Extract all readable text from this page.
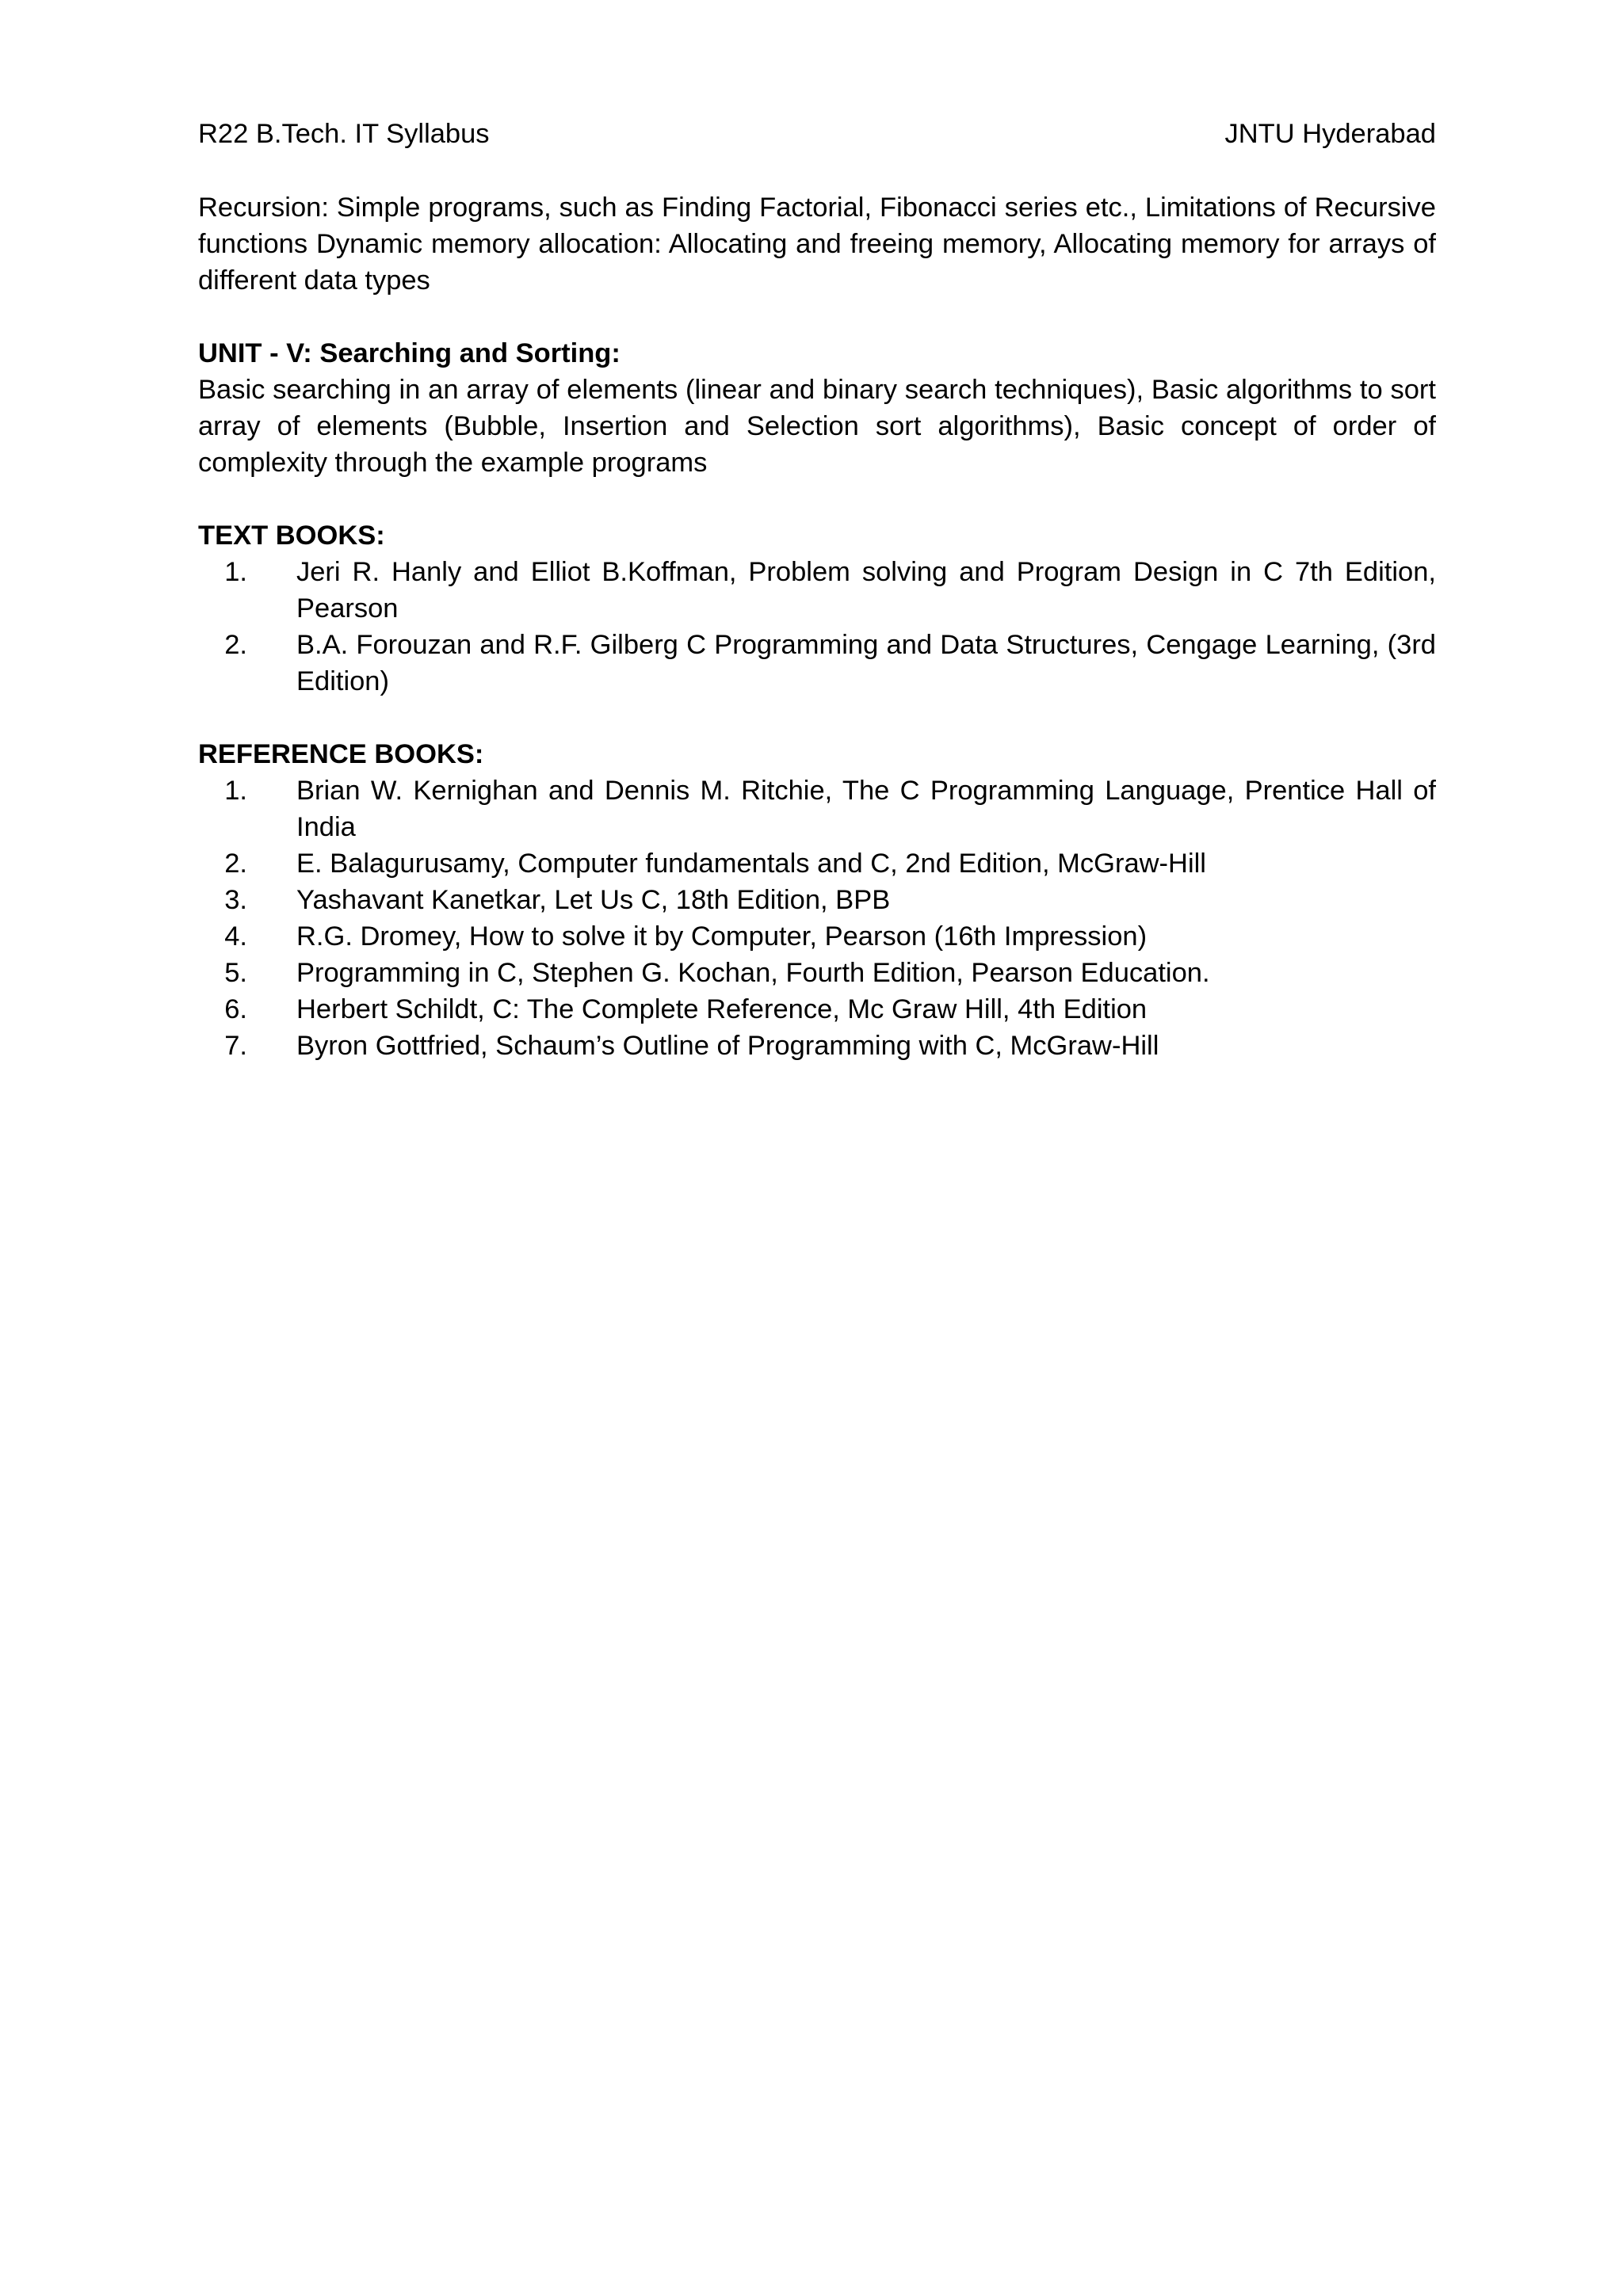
R22 B.Tech. IT Syllabus	JNTU Hyderabad

Recursion: Simple programs, such as Finding Factorial, Fibonacci series etc., Limitations of Recursive functions Dynamic memory allocation: Allocating and freeing memory, Allocating memory for arrays of different data types

UNIT - V: Searching and Sorting:

Basic searching in an array of elements (linear and binary search techniques), Basic algorithms to sort array of elements (Bubble, Insertion and Selection sort algorithms), Basic concept of order of complexity through the example programs

TEXT BOOKS:

1. Jeri R. Hanly and Elliot B.Koffman, Problem solving and Program Design in C 7th Edition, Pearson
2. B.A. Forouzan and R.F. Gilberg C Programming and Data Structures, Cengage Learning, (3rd Edition)

REFERENCE BOOKS:

1. Brian W. Kernighan and Dennis M. Ritchie, The C Programming Language, Prentice Hall of India
2. E. Balagurusamy, Computer fundamentals and C, 2nd Edition, McGraw-Hill
3. Yashavant Kanetkar, Let Us C, 18th Edition, BPB
4. R.G. Dromey, How to solve it by Computer, Pearson (16th Impression)
5. Programming in C, Stephen G. Kochan, Fourth Edition, Pearson Education.
6. Herbert Schildt, C: The Complete Reference, Mc Graw Hill, 4th Edition
7. Byron Gottfried, Schaum’s Outline of Programming with C, McGraw-Hill
